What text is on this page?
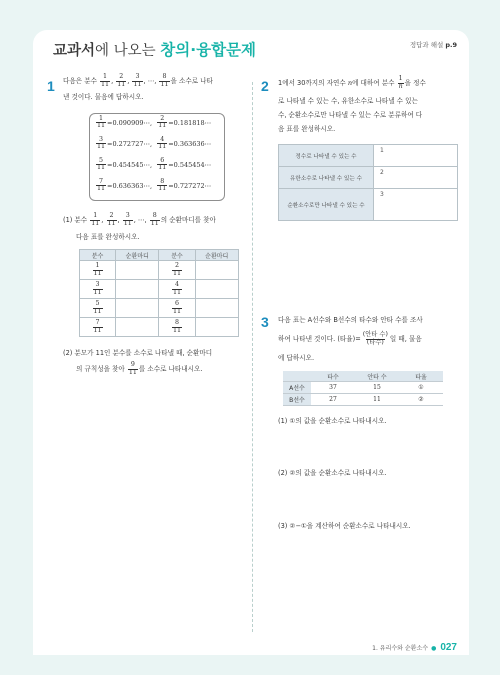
교과서에 나오는 창의·융합문제	정답과 해설 p.9
1 다음은 분수 $\frac{1}{11}$ , $\frac{2}{11}$ , $\frac{3}{11}$ , ⋯, $\frac{8}{11}$ 을 소수로 나타
낸 것이다. 물음에 답하시오.
$\frac{1}{11}$ =0.090909⋯, $\frac{2}{11}$ =0.181818⋯
$\frac{3}{11}$ =0.272727⋯, $\frac{4}{11}$ =0.363636⋯
$\frac{5}{11}$ =0.454545⋯, $\frac{6}{11}$ =0.545454⋯
$\frac{7}{11}$ =0.636363⋯, $\frac{8}{11}$ =0.727272⋯
(1) 분수 $\frac{1}{11}$ , $\frac{2}{11}$ , $\frac{3}{11}$ , ⋯, $\frac{8}{11}$ 의 순환마디를 찾아
다음 표를 완성하시오.
분수	순환마디	분수	순환마디

$\frac{1}{11}$		$\frac{2}{11}$

$\frac{3}{11}$		$\frac{4}{11}$

$\frac{5}{11}$		$\frac{6}{11}$

$\frac{7}{11}$		$\frac{8}{11}$

(2) 분모가 11인 분수를 소수로 나타낼 때, 순환마디
의 규칙성을 찾아 $\frac{9}{11}$ 를 소수로 나타내시오.
2 1에서 30까지의 자연수 n에 대하여 분수 $\frac{1}{n}$ 을 정수
로 나타낼 수 있는 수, 유한소수로 나타낼 수 있는
수, 순환소수로만 나타낼 수 있는 수로 분류하여 다
음 표를 완성하시오.
정수로 나타낼 수 있는 수	1
유한소수로 나타낼 수 있는 수	2
순환소수로만 나타낼 수 있는 수	3
3 다음 표는 A선수와 B선수의 타수와 안타 수를 조사
하여 나타낸 것이다. (타율)= $\frac{\text{(안타 수)}}{\text{(타수)}}$ 일 때, 물음
에 답하시오.
	타수	안타 수	타율
A선수	37	15	①
B선수	27	11	②
(1) ①의 값을 순환소수로 나타내시오.
(2) ②의 값을 순환소수로 나타내시오.
(3) ②−①을 계산하여 순환소수로 나타내시오.
1. 유리수와 순환소수 ● 027
